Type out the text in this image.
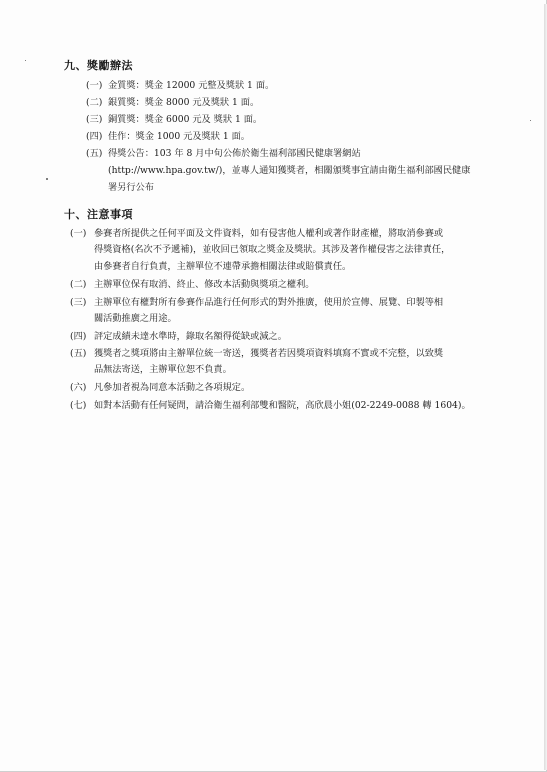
九、獎勵辦法
(一) 金質獎：獎金 12000 元整及獎狀 1 面。
(二) 銀質獎：獎金 8000 元及獎狀 1 面。
(三) 銅質獎：獎金 6000 元及 獎狀 1 面。
(四) 佳作：獎金 1000 元及獎狀 1 面。
(五) 得獎公告：103 年 8 月中旬公佈於衛生福利部國民健康署網站
(http://www.hpa.gov.tw/)，並專人通知獲獎者，相關頒獎事宜請由衛生福利部國民健康
署另行公布
十、注意事項
(一) 參賽者所提供之任何平面及文件資料，如有侵害他人權利或著作財產權，將取消參賽或
得獎資格(名次不予遞補)，並收回已領取之獎金及獎狀。其涉及著作權侵害之法律責任，
由參賽者自行負責，主辦單位不連帶承擔相關法律或賠償責任。
(二) 主辦單位保有取消、終止、修改本活動與獎項之權利。
(三) 主辦單位有權對所有參賽作品進行任何形式的對外推廣，使用於宣傳、展覽、印製等相
關活動推廣之用途。
(四) 評定成績未達水準時，錄取名額得從缺或減之。
(五) 獲獎者之獎項將由主辦單位統一寄送，獲獎者若因獎項資料填寫不實或不完整，以致獎
品無法寄送，主辦單位恕不負責。
(六) 凡參加者視為同意本活動之各項規定。
(七) 如對本活動有任何疑問，請洽衛生福利部雙和醫院，高欣晨小姐(02-2249-0088 轉 1604)。
